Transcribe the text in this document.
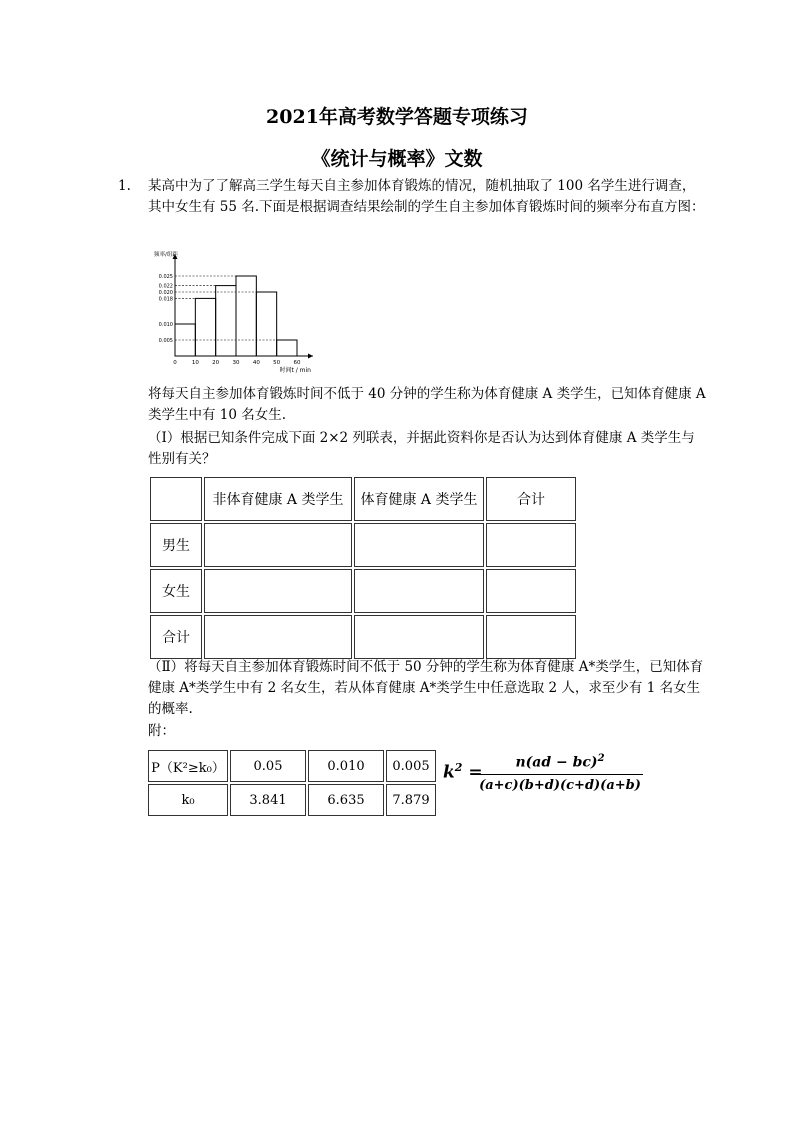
2021年高考数学答题专项练习
《统计与概率》文数
1. 某高中为了了解高三学生每天自主参加体育锻炼的情况，随机抽取了 100 名学生进行调查，其中女生有 55 名.下面是根据调查结果绘制的学生自主参加体育锻炼时间的频率分布直方图：
频率/组距
0.025
0.022
0.020
0.018
0.010
0.005
0	10 20 30 40 50 60
时间t / min
将每天自主参加体育锻炼时间不低于 40 分钟的学生称为体育健康 A 类学生，已知体育健康 A 类学生中有 10 名女生.
（Ⅰ）根据已知条件完成下面 2×2 列联表，并据此资料你是否认为达到体育健康 A 类学生与性别有关？
	非体育健康 A 类学生	体育健康 A 类学生	合计
男生			
女生			
合计			
（Ⅱ）将每天自主参加体育锻炼时间不低于 50 分钟的学生称为体育健康 A*类学生，已知体育健康 A*类学生中有 2 名女生，若从体育健康 A*类学生中任意选取 2 人，求至少有 1 名女生的概率.
附：
P（K²≥k₀）	0.05	0.010	0.005
k₀	3.841	6.635	7.879
$k^2$ =	n(ad − bc)$^2$
(a+c)(b+d)(c+d)(a+b)
